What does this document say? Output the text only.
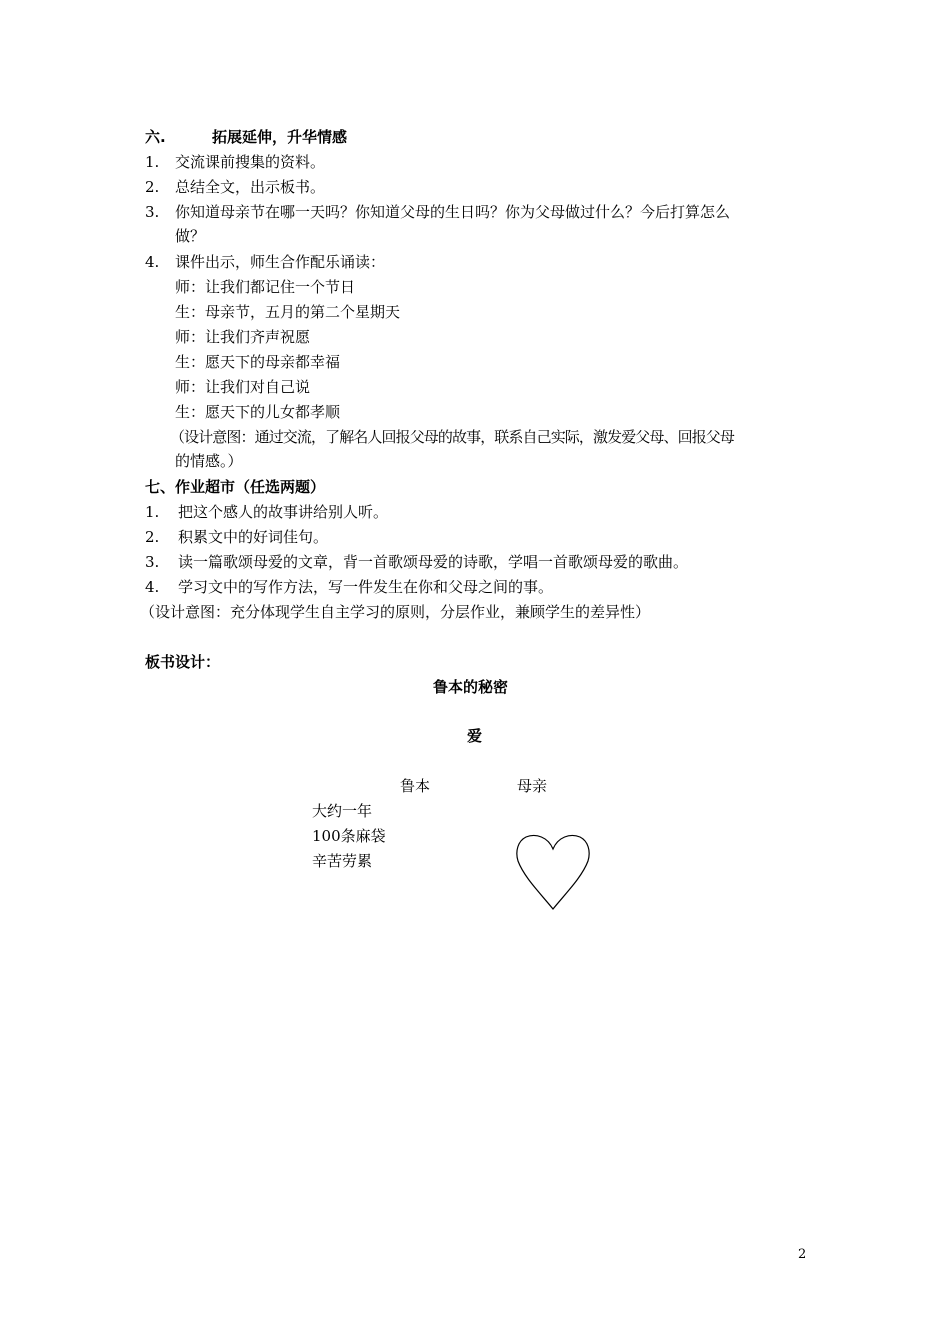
六.	拓展延伸，升华情感
1. 交流课前搜集的资料。
2. 总结全文，出示板书。
3. 你知道母亲节在哪一天吗？你知道父母的生日吗？你为父母做过什么？今后打算怎么
做？
4. 课件出示，师生合作配乐诵读：
师：让我们都记住一个节日
生：母亲节，五月的第二个星期天
师：让我们齐声祝愿
生：愿天下的母亲都幸福
师：让我们对自己说
生：愿天下的儿女都孝顺
（设计意图：通过交流，了解名人回报父母的故事，联系自己实际，激发爱父母、回报父母
的情感。）
七、作业超市（任选两题）
1. 把这个感人的故事讲给别人听。
2. 积累文中的好词佳句。
3. 读一篇歌颂母爱的文章，背一首歌颂母爱的诗歌，学唱一首歌颂母爱的歌曲。
4. 学习文中的写作方法，写一件发生在你和父母之间的事。
（设计意图：充分体现学生自主学习的原则，分层作业，兼顾学生的差异性）
板书设计：
鲁本的秘密
爱
鲁本	母亲
大约一年
100条麻袋
辛苦劳累
2
